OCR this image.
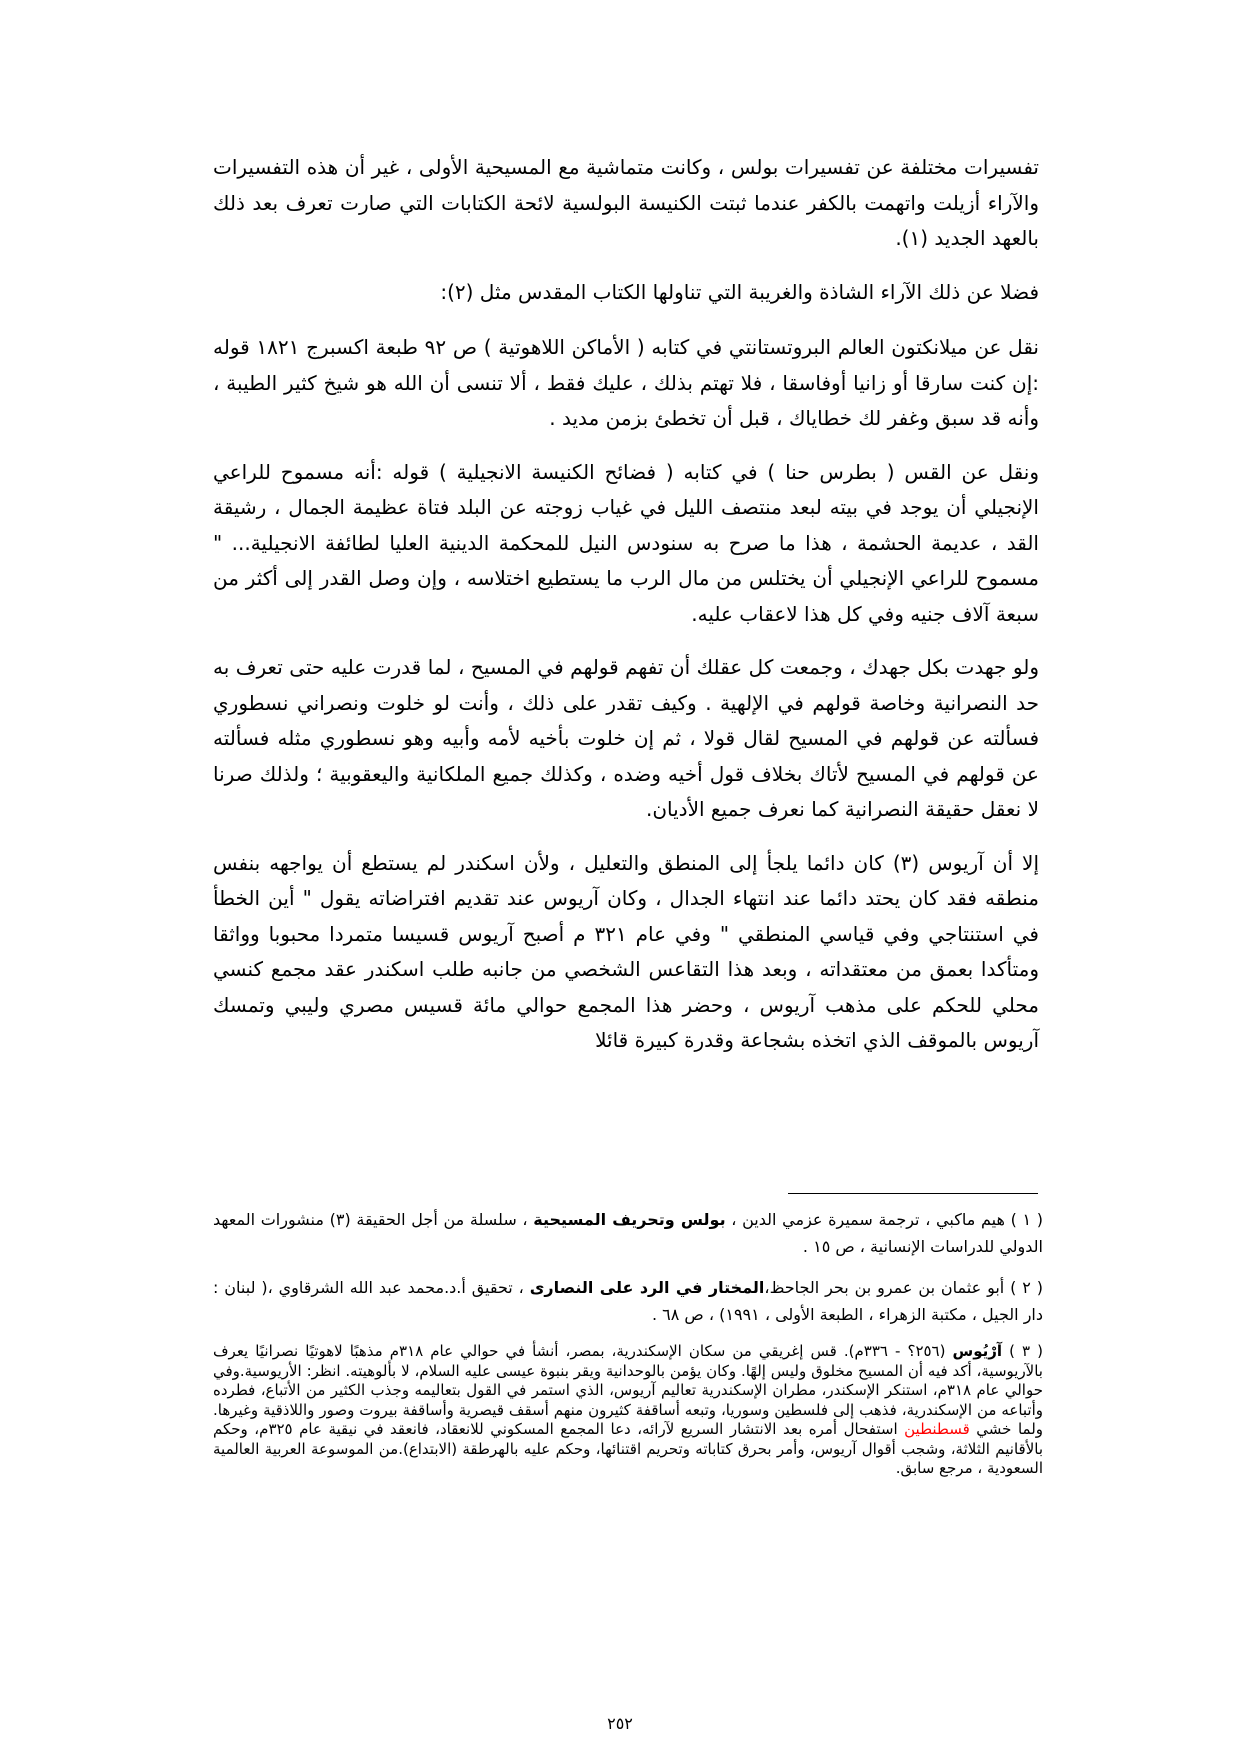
تفسيرات مختلفة عن تفسيرات بولس ، وكانت متماشية مع المسيحية الأولى ، غير أن هذه التفسيرات والآراء أزيلت واتهمت بالكفر عندما ثبتت الكنيسة البولسية لائحة الكتابات التي صارت تعرف بعد ذلك بالعهد الجديد (١).

فضلا عن ذلك الآراء الشاذة والغريبة التي تناولها الكتاب المقدس مثل (٢):

نقل عن ميلانكتون العالم البروتستانتي في كتابه ( الأماكن اللاهوتية ) ص ٩٢ طبعة اكسبرج ١٨٢١ قوله :إن كنت سارقا أو زانيا أوفاسقا ، فلا تهتم بذلك ، عليك فقط ، ألا تنسى أن الله هو شيخ كثير الطيبة ، وأنه قد سبق وغفر لك خطاياك ، قبل أن تخطئ بزمن مديد .

ونقل عن القس ( بطرس حنا ) في كتابه ( فضائح الكنيسة الانجيلية ) قوله :أنه مسموح للراعي الإنجيلي أن يوجد في بيته لبعد منتصف الليل في غياب زوجته عن البلد فتاة عظيمة الجمال ، رشيقة القد ، عديمة الحشمة ، هذا ما صرح به سنودس النيل للمحكمة الدينية العليا لطائفة الانجيلية... " مسموح للراعي الإنجيلي أن يختلس من مال الرب ما يستطيع اختلاسه ، وإن وصل القدر إلى أكثر من سبعة آلاف جنيه وفي كل هذا لاعقاب عليه.

ولو جهدت بكل جهدك ، وجمعت كل عقلك أن تفهم قولهم في المسيح ، لما قدرت عليه حتى تعرف به حد النصرانية وخاصة قولهم في الإلهية . وكيف تقدر على ذلك ، وأنت لو خلوت ونصراني نسطوري فسألته عن قولهم في المسيح لقال قولا ، ثم إن خلوت بأخيه لأمه وأبيه وهو نسطوري مثله فسألته عن قولهم في المسيح لأتاك بخلاف قول أخيه وضده ، وكذلك جميع الملكانية واليعقوبية ؛ ولذلك صرنا لا نعقل حقيقة النصرانية كما نعرف جميع الأديان.

إلا أن آريوس (٣) كان دائما يلجأ إلى المنطق والتعليل ، ولأن اسكندر لم يستطع أن يواجهه بنفس منطقه فقد كان يحتد دائما عند انتهاء الجدال ، وكان آريوس عند تقديم افتراضاته يقول " أين الخطأ في استنتاجي وفي قياسي المنطقي " وفي عام ٣٢١ م أصبح آريوس قسيسا متمردا محبوبا وواثقا ومتأكدا بعمق من معتقداته ، وبعد هذا التقاعس الشخصي من جانبه طلب اسكندر عقد مجمع كنسي محلي للحكم على مذهب آريوس ، وحضر هذا المجمع حوالي مائة قسيس مصري وليبي وتمسك آريوس بالموقف الذي اتخذه بشجاعة وقدرة كبيرة قائلا

( ١ ) هيم ماكبي ، ترجمة سميرة عزمي الدين ، بولس وتحريف المسيحية ، سلسلة من أجل الحقيقة (٣) منشورات المعهد الدولي للدراسات الإنسانية ، ص ١٥ .

( ٢ ) أبو عثمان بن عمرو بن بحر الجاحظ،المختار في الرد على النصارى ، تحقيق أ.د.محمد عبد الله الشرقاوي ،( لبنان : دار الجيل ، مكتبة الزهراء ، الطبعة الأولى ، ١٩٩١) ، ص ٦٨ .

( ٣ ) آرْيُوس (٢٥٦؟ - ٣٣٦م). قس إغريقي من سكان الإسكندرية، بمصر، أنشأ في حوالي عام ٣١٨م مذهبًا لاهوتيًا نصرانيًا يعرف بالآريوسية، أكد فيه أن المسيح مخلوق وليس إلهًا. وكان يؤمن بالوحدانية ويقر بنبوة عيسى عليه السلام، لا بألوهيته. انظر: الأريوسية.وفي حوالي عام ٣١٨م، استنكر الإسكندر، مطران الإسكندرية تعاليم آريوس، الذي استمر في القول بتعاليمه وجذب الكثير من الأتباع، فطرده وأتباعه من الإسكندرية، فذهب إلى فلسطين وسوريا، وتبعه أساقفة كثيرون منهم أسقف قيصرية وأساقفة بيروت وصور واللاذقية وغيرها. ولما خشي قسطنطين استفحال أمره بعد الانتشار السريع لآرائه، دعا المجمع المسكوني للانعقاد، فانعقد في نيقية عام ٣٢٥م، وحكم بالأقانيم الثلاثة، وشجب أقوال آريوس، وأمر بحرق كتاباته وتحريم اقتنائها، وحكم عليه بالهرطقة (الابتداع).من الموسوعة العربية العالمية السعودية ، مرجع سابق.

٢٥٢
